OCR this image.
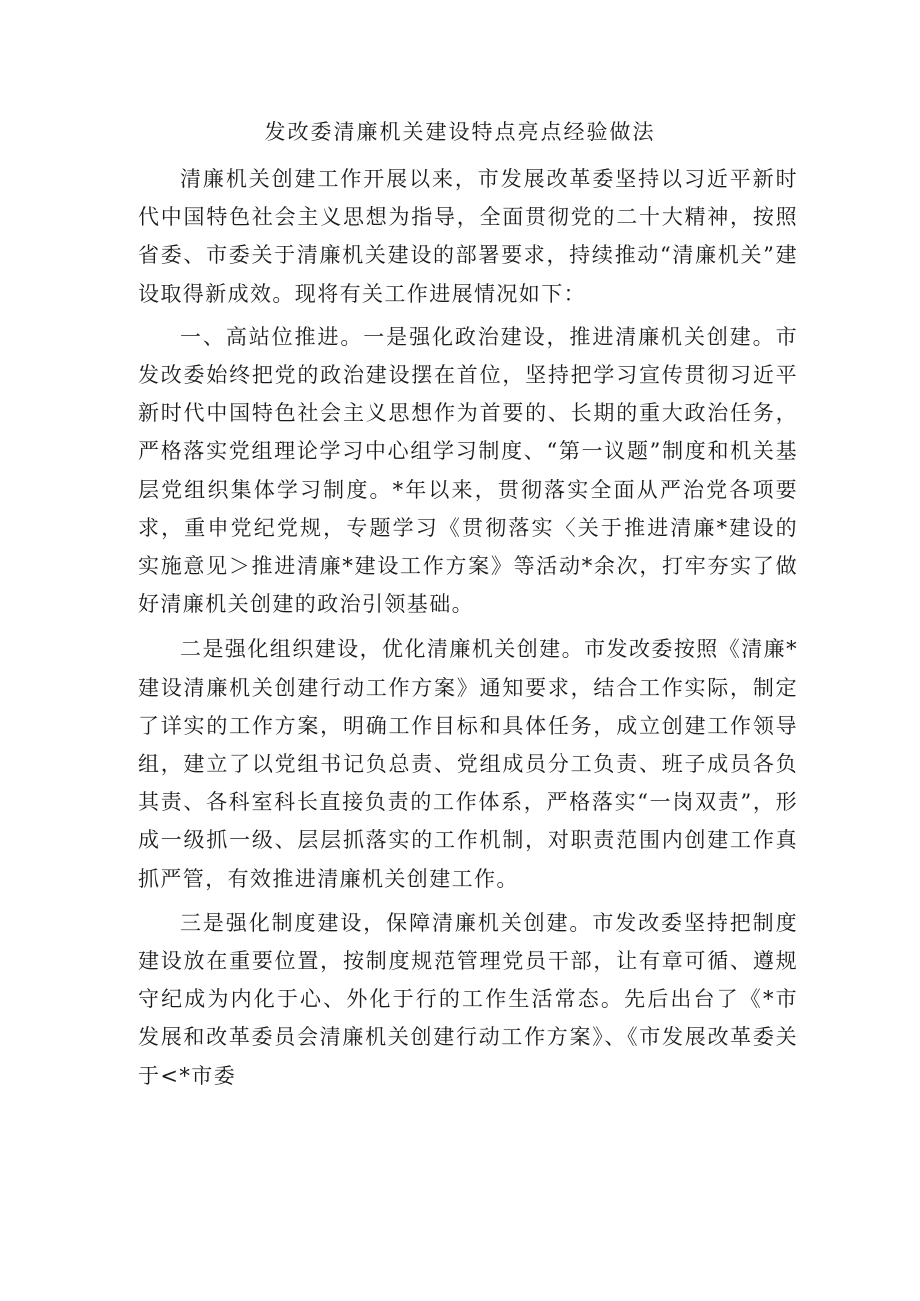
发改委清廉机关建设特点亮点经验做法

清廉机关创建工作开展以来，市发展改革委坚持以习近平新时代中国特色社会主义思想为指导，全面贯彻党的二十大精神，按照省委、市委关于清廉机关建设的部署要求，持续推动“清廉机关”建设取得新成效。现将有关工作进展情况如下：

一、高站位推进。一是强化政治建设，推进清廉机关创建。市发改委始终把党的政治建设摆在首位，坚持把学习宣传贯彻习近平新时代中国特色社会主义思想作为首要的、长期的重大政治任务，严格落实党组理论学习中心组学习制度、“第一议题”制度和机关基层党组织集体学习制度。*年以来，贯彻落实全面从严治党各项要求，重申党纪党规，专题学习《贯彻落实〈关于推进清廉*建设的实施意见＞推进清廉*建设工作方案》等活动*余次，打牢夯实了做好清廉机关创建的政治引领基础。

二是强化组织建设，优化清廉机关创建。市发改委按照《清廉*建设清廉机关创建行动工作方案》通知要求，结合工作实际，制定了详实的工作方案，明确工作目标和具体任务，成立创建工作领导组，建立了以党组书记负总责、党组成员分工负责、班子成员各负其责、各科室科长直接负责的工作体系，严格落实“一岗双责”，形成一级抓一级、层层抓落实的工作机制，对职责范围内创建工作真抓严管，有效推进清廉机关创建工作。

三是强化制度建设，保障清廉机关创建。市发改委坚持把制度建设放在重要位置，按制度规范管理党员干部，让有章可循、遵规守纪成为内化于心、外化于行的工作生活常态。先后出台了《*市发展和改革委员会清廉机关创建行动工作方案》、《市发展改革委关于<*市委
